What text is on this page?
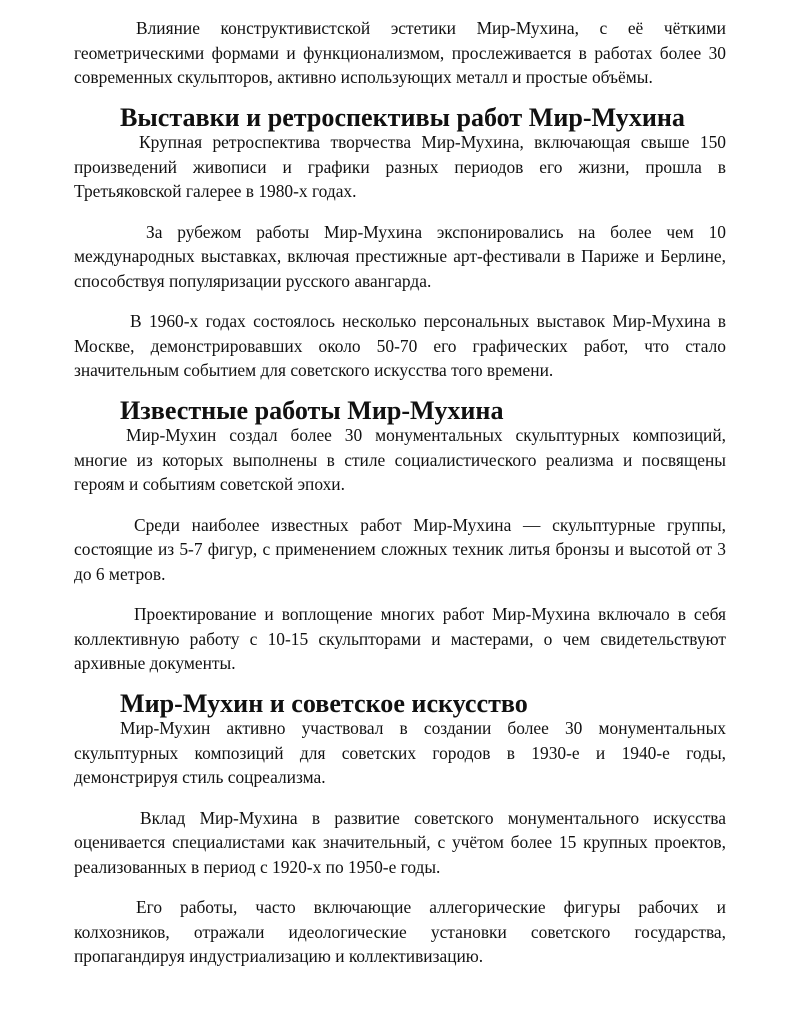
Влияние конструктивистской эстетики Мир-Мухина, с её чёткими геометрическими формами и функционализмом, прослеживается в работах более 30 современных скульпторов, активно использующих металл и простые объёмы.

Выставки и ретроспективы работ Мир-Мухина

Крупная ретроспектива творчества Мир-Мухина, включающая свыше 150 произведений живописи и графики разных периодов его жизни, прошла в Третьяковской галерее в 1980-х годах.

За рубежом работы Мир-Мухина экспонировались на более чем 10 международных выставках, включая престижные арт-фестивали в Париже и Берлине, способствуя популяризации русского авангарда.

В 1960-х годах состоялось несколько персональных выставок Мир-Мухина в Москве, демонстрировавших около 50-70 его графических работ, что стало значительным событием для советского искусства того времени.

Известные работы Мир-Мухина

Мир-Мухин создал более 30 монументальных скульптурных композиций, многие из которых выполнены в стиле социалистического реализма и посвящены героям и событиям советской эпохи.

Среди наиболее известных работ Мир-Мухина — скульптурные группы, состоящие из 5-7 фигур, с применением сложных техник литья бронзы и высотой от 3 до 6 метров.

Проектирование и воплощение многих работ Мир-Мухина включало в себя коллективную работу с 10-15 скульпторами и мастерами, о чем свидетельствуют архивные документы.

Мир-Мухин и советское искусство

Мир-Мухин активно участвовал в создании более 30 монументальных скульптурных композиций для советских городов в 1930-е и 1940-е годы, демонстрируя стиль соцреализма.

Вклад Мир-Мухина в развитие советского монументального искусства оценивается специалистами как значительный, с учётом более 15 крупных проектов, реализованных в период с 1920-х по 1950-е годы.

Его работы, часто включающие аллегорические фигуры рабочих и колхозников, отражали идеологические установки советского государства, пропагандируя индустриализацию и коллективизацию.
